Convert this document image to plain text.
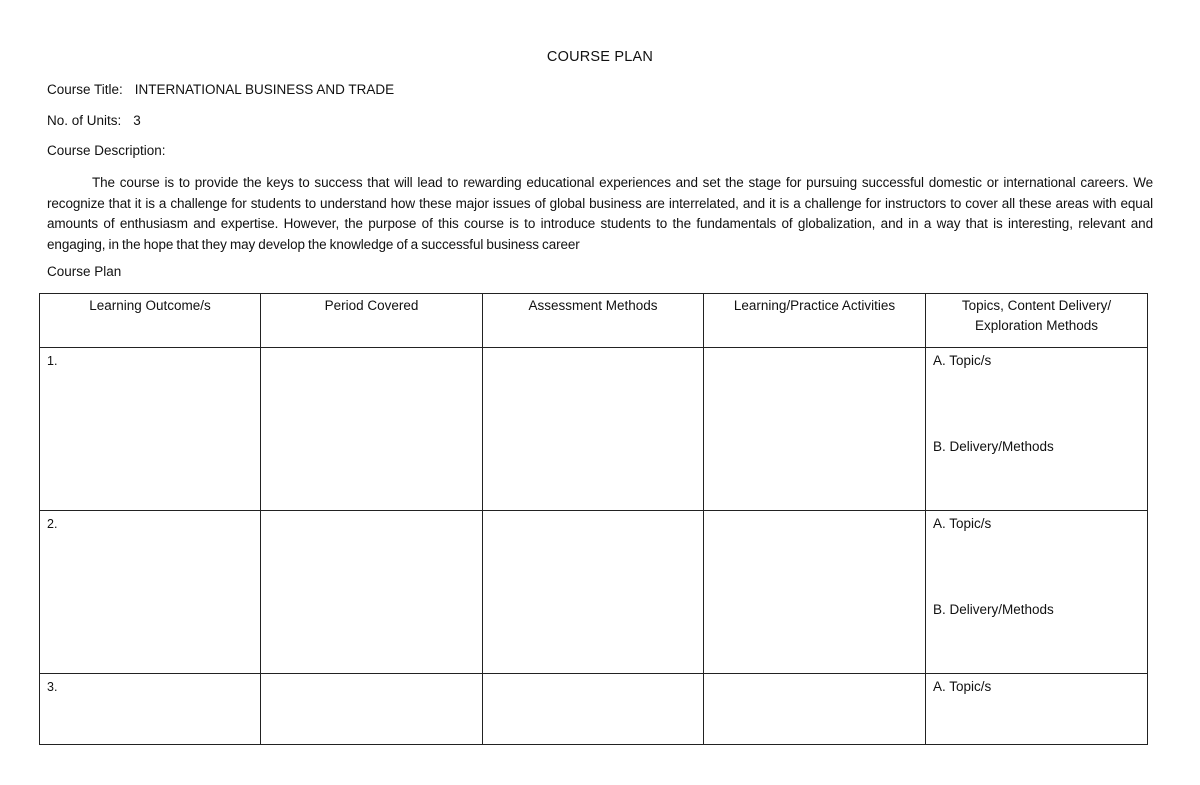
COURSE PLAN
Course Title: INTERNATIONAL BUSINESS AND TRADE
No. of Units: 3
Course Description:
The course is to provide the keys to success that will lead to rewarding educational experiences and set the stage for pursuing successful domestic or international careers. We recognize that it is a challenge for students to understand how these major issues of global business are interrelated, and it is a challenge for instructors to cover all these areas with equal amounts of enthusiasm and expertise. However, the purpose of this course is to introduce students to the fundamentals of globalization, and in a way that is interesting, relevant and engaging, in the hope that they may develop the knowledge of a successful business career
Course Plan
Learning Outcome/s	Period Covered	Assessment Methods	Learning/Practice Activities	Topics, Content Delivery/
Exploration Methods

1.				A. Topic/s
B. Delivery/Methods

2.				A. Topic/s
B. Delivery/Methods

3.				A. Topic/s
